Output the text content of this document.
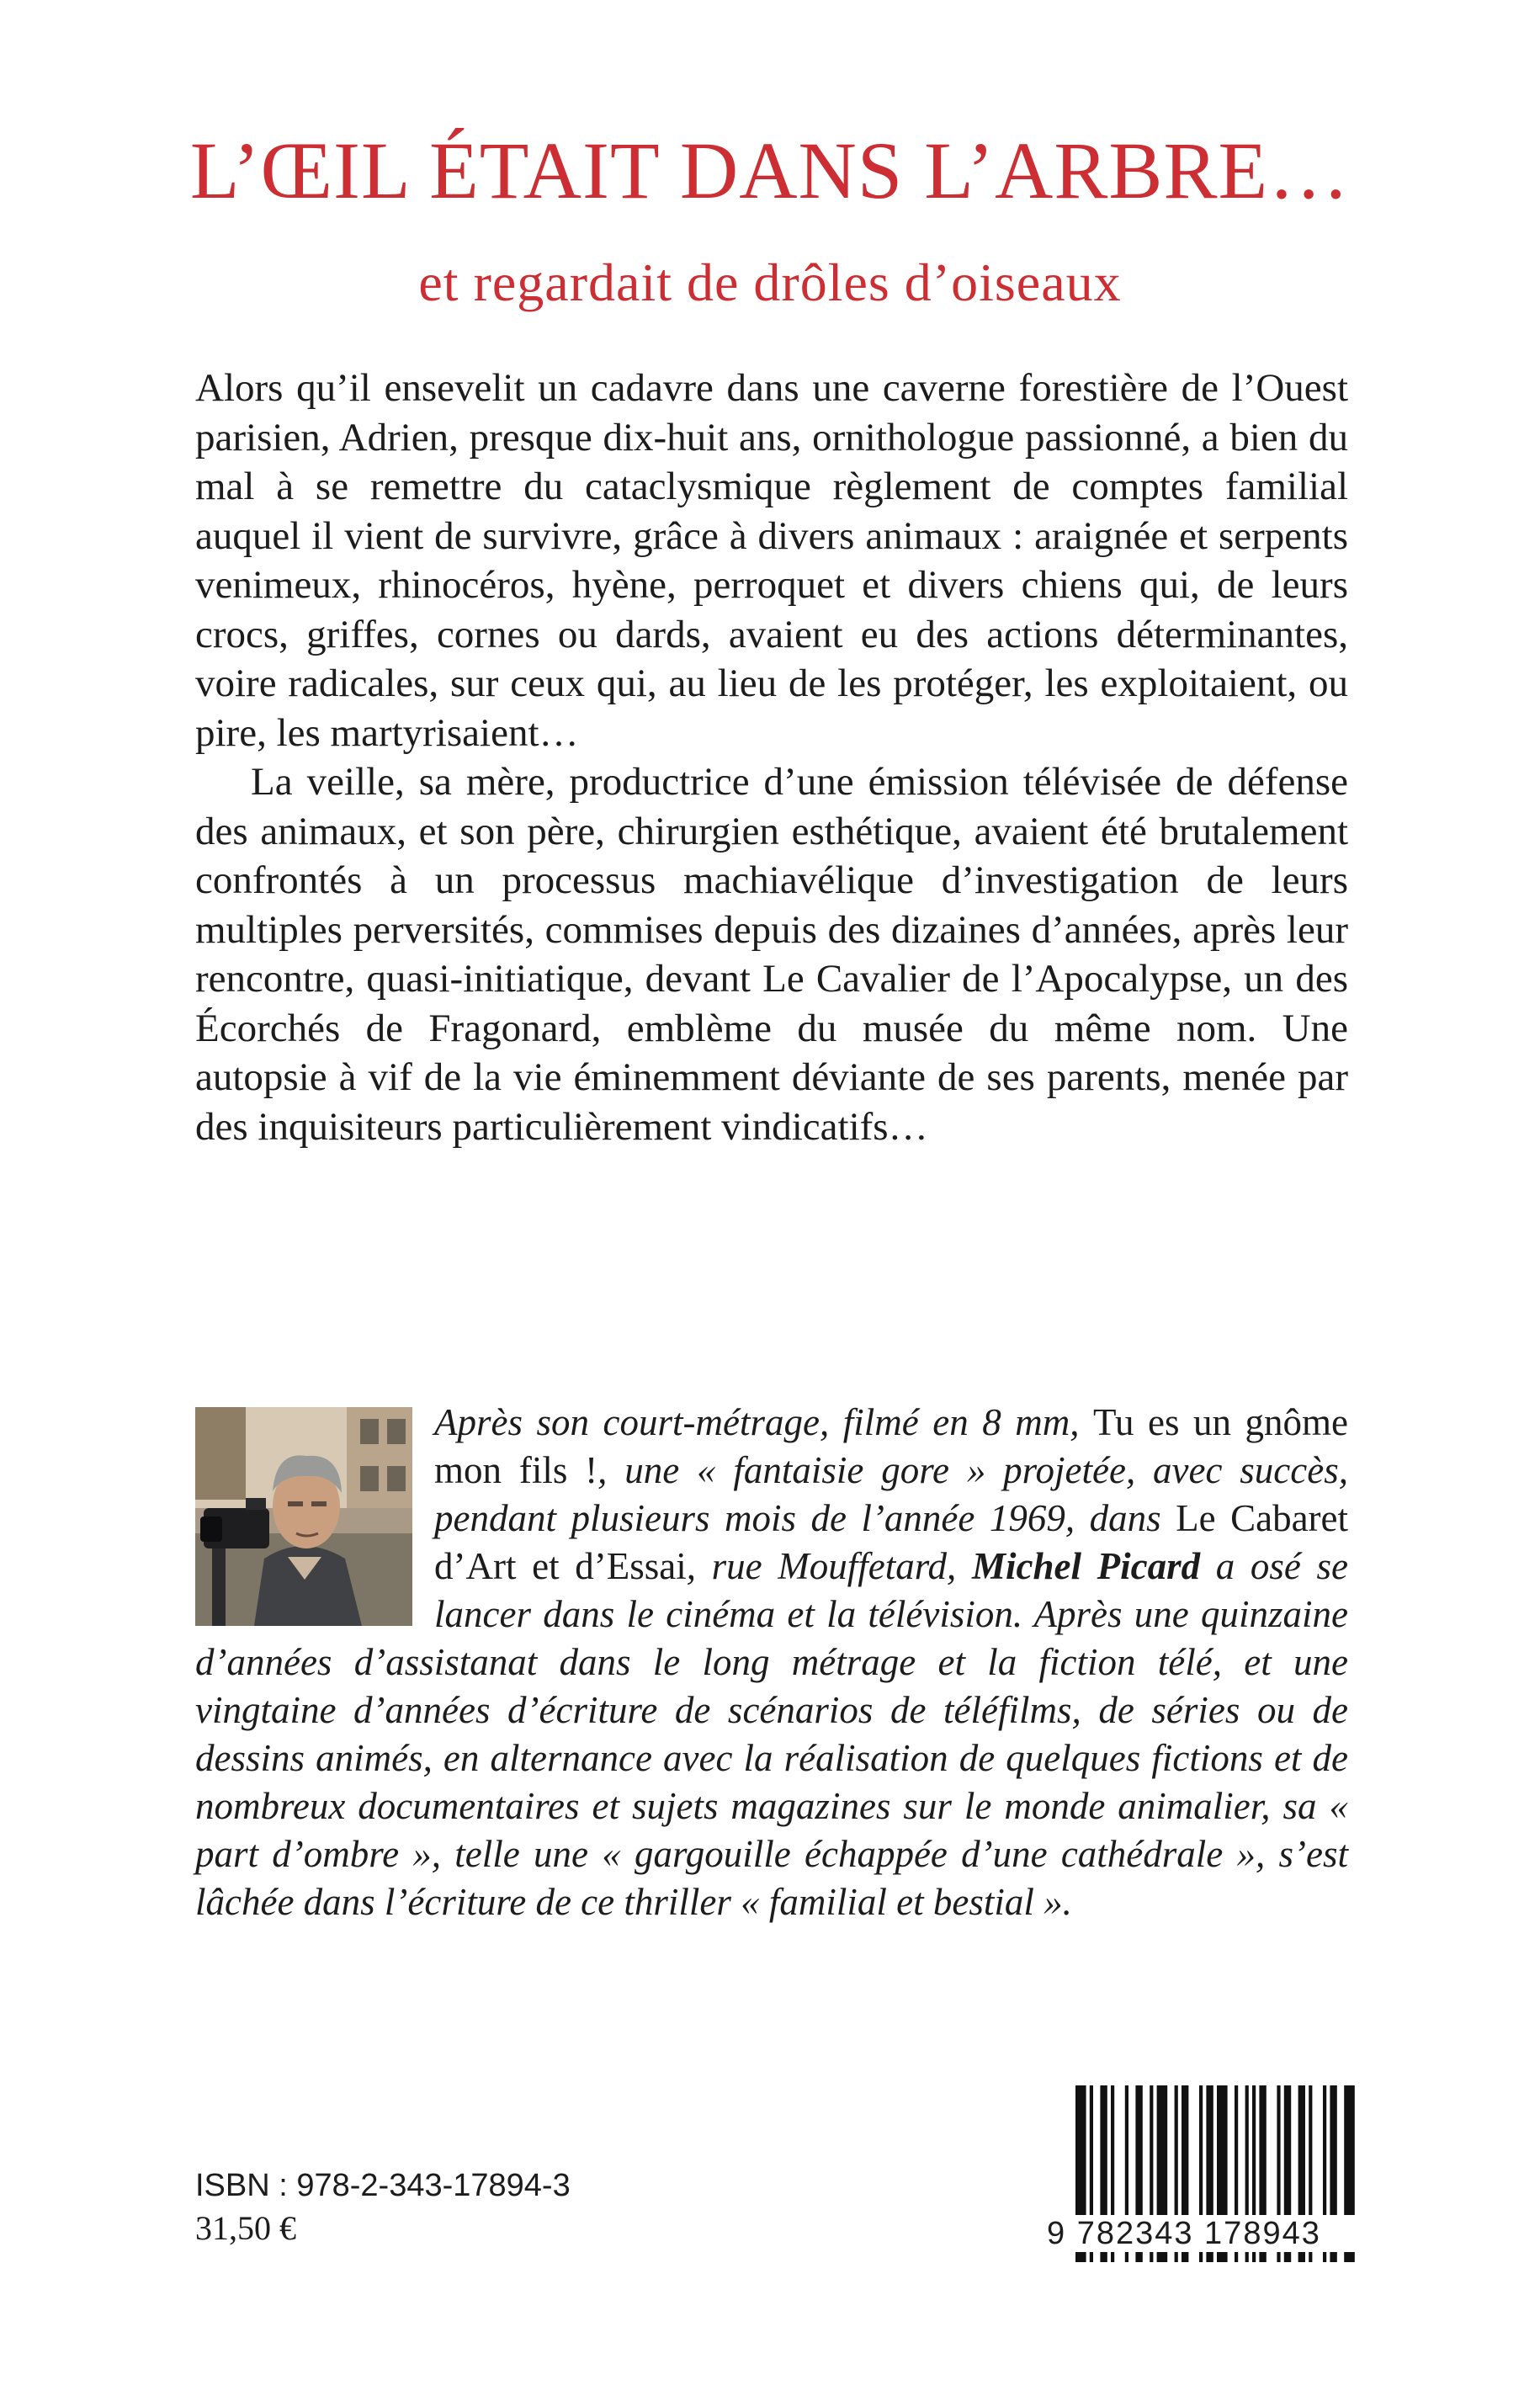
L’ŒIL ÉTAIT DANS L’ARBRE…
et regardait de drôles d’oiseaux

Alors qu’il ensevelit un cadavre dans une caverne forestière de l’Ouest parisien, Adrien, presque dix-huit ans, ornithologue passionné, a bien du mal à se remettre du cataclysmique règlement de comptes familial auquel il vient de survivre, grâce à divers animaux : araignée et serpents venimeux, rhinocéros, hyène, perroquet et divers chiens qui, de leurs crocs, griffes, cornes ou dards, avaient eu des actions déterminantes, voire radicales, sur ceux qui, au lieu de les protéger, les exploitaient, ou pire, les martyrisaient…

La veille, sa mère, productrice d’une émission télévisée de défense des animaux, et son père, chirurgien esthétique, avaient été brutalement confrontés à un processus machiavélique d’investigation de leurs multiples perversités, commises depuis des dizaines d’années, après leur rencontre, quasi-initiatique, devant Le Cavalier de l’Apocalypse, un des Écorchés de Fragonard, emblème du musée du même nom. Une autopsie à vif de la vie éminemment déviante de ses parents, menée par des inquisiteurs particulièrement vindicatifs…

Après son court-métrage, filmé en 8 mm, Tu es un gnôme mon fils !, une « fantaisie gore » projetée, avec succès, pendant plusieurs mois de l’année 1969, dans Le Cabaret d’Art et d’Essai, rue Mouffetard, Michel Picard a osé se lancer dans le cinéma et la télévision. Après une quinzaine d’années d’assistanat dans le long métrage et la fiction télé, et une vingtaine d’années d’écriture de scénarios de téléfilms, de séries ou de dessins animés, en alternance avec la réalisation de quelques fictions et de nombreux documentaires et sujets magazines sur le monde animalier, sa « part d’ombre », telle une « gargouille échappée d’une cathédrale », s’est lâchée dans l’écriture de ce thriller « familial et bestial ».
ISBN : 978-2-343-17894-3
31,50 €	9 782343 178943
